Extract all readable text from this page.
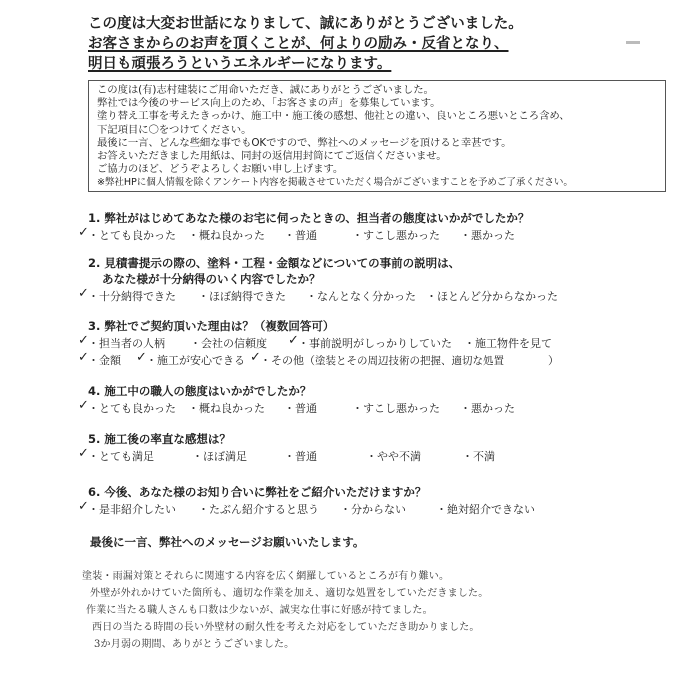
この度は大変お世話になりまして、誠にありがとうございました。
お客さまからのお声を頂くことが、何よりの励み・反省となり、
明日も頑張ろうというエネルギーになります。
この度は(有)志村建装にご用命いただき、誠にありがとうございました。
弊社では今後のサービス向上のため、「お客さまの声」を募集しています。
塗り替え工事を考えたきっかけ、施工中・施工後の感想、他社との違い、良いところ悪いところ含め、
下記項目に〇をつけてください。
最後に一言、どんな些細な事でもOKですので、弊社へのメッセージを頂けると幸甚です。
お答えいただきました用紙は、同封の返信用封筒にてご返信くださいませ。
ご協力のほど、どうぞよろしくお願い申し上げます。
※弊社HPに個人情報を除くアンケート内容を掲載させていただく場合がございますことを予めご了承ください。
1. 弊社がはじめてあなた様のお宅に伺ったときの、担当者の態度はいかがでしたか？
✓ ・とても良かった ・概ね良かった ・普通	・すこし悪かった ・悪かった
2. 見積書提示の際の、塗料・工程・金額などについての事前の説明は、
あなた様が十分納得のいく内容でしたか？
✓ ・十分納得できた ・ほぼ納得できた ・なんとなく分かった ・ほとんど分からなかった
3. 弊社でご契約頂いた理由は？（複数回答可）
✓ ・担当者の人柄 ・会社の信頼度 ✓ ・事前説明がしっかりしていた ・施工物件を見て
✓ ・金額 ✓ ・施工が安心できる ✓ ・その他（塗装とその周辺技術の把握、適切な処置	）
4. 施工中の職人の態度はいかがでしたか？
✓ ・とても良かった ・概ね良かった ・普通	・すこし悪かった ・悪かった
5. 施工後の率直な感想は？
✓ ・とても満足	・ほぼ満足	・普通	・やや不満	・不満
6. 今後、あなた様のお知り合いに弊社をご紹介いただけますか？
✓ ・是非紹介したい ・たぶん紹介すると思う ・分からない	・絶対紹介できない
最後に一言、弊社へのメッセージお願いいたします。
塗装・雨漏対策とそれらに関連する内容を広く網羅しているところが有り難い。
外壁が外れかけていた箇所も、適切な作業を加え、適切な処置をしていただきました。
作業に当たる職人さんも口数は少ないが、誠実な仕事に好感が持てました。
西日の当たる時間の長い外壁材の耐久性を考えた対応をしていただき助かりました。
3か月弱の期間、ありがとうございました。
